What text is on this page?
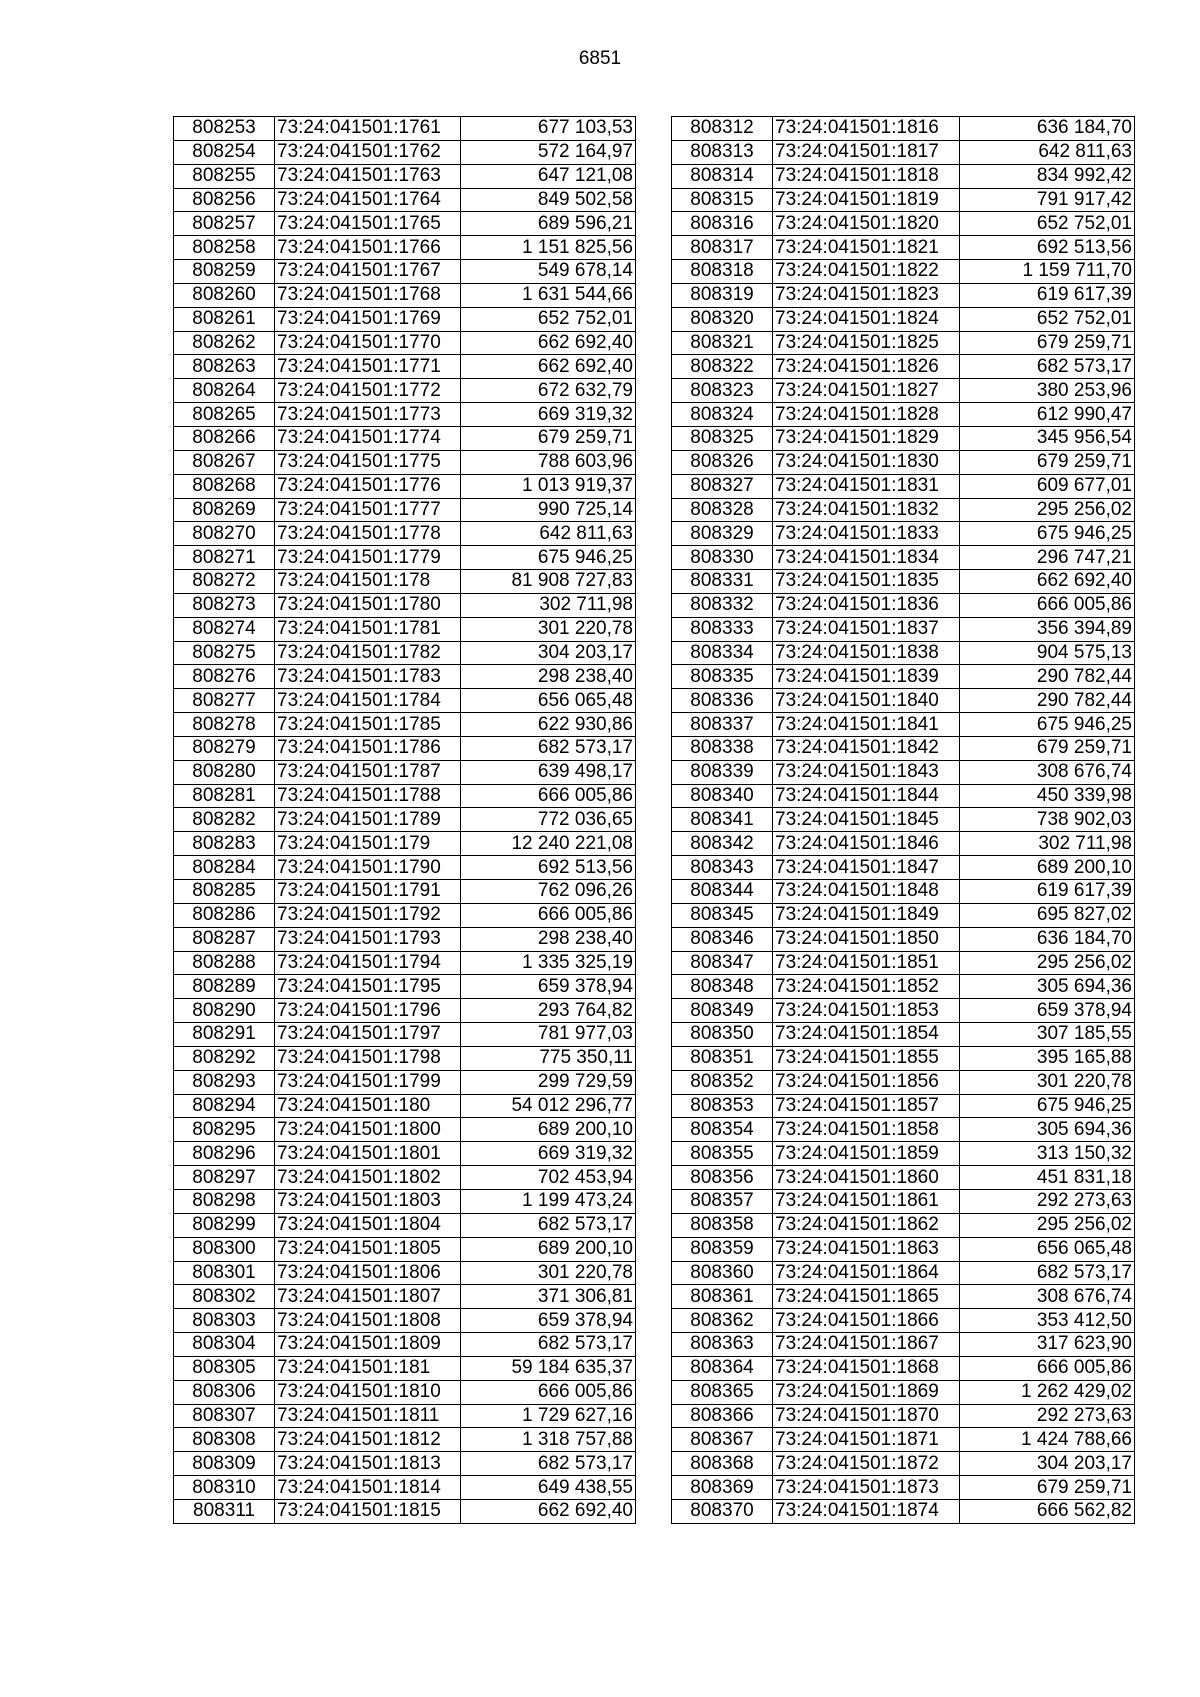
6851
808253	73:24:041501:1761	677 103,53
808254	73:24:041501:1762	572 164,97
808255	73:24:041501:1763	647 121,08
808256	73:24:041501:1764	849 502,58
808257	73:24:041501:1765	689 596,21
808258	73:24:041501:1766	1 151 825,56
808259	73:24:041501:1767	549 678,14
808260	73:24:041501:1768	1 631 544,66
808261	73:24:041501:1769	652 752,01
808262	73:24:041501:1770	662 692,40
808263	73:24:041501:1771	662 692,40
808264	73:24:041501:1772	672 632,79
808265	73:24:041501:1773	669 319,32
808266	73:24:041501:1774	679 259,71
808267	73:24:041501:1775	788 603,96
808268	73:24:041501:1776	1 013 919,37
808269	73:24:041501:1777	990 725,14
808270	73:24:041501:1778	642 811,63
808271	73:24:041501:1779	675 946,25
808272	73:24:041501:178	81 908 727,83
808273	73:24:041501:1780	302 711,98
808274	73:24:041501:1781	301 220,78
808275	73:24:041501:1782	304 203,17
808276	73:24:041501:1783	298 238,40
808277	73:24:041501:1784	656 065,48
808278	73:24:041501:1785	622 930,86
808279	73:24:041501:1786	682 573,17
808280	73:24:041501:1787	639 498,17
808281	73:24:041501:1788	666 005,86
808282	73:24:041501:1789	772 036,65
808283	73:24:041501:179	12 240 221,08
808284	73:24:041501:1790	692 513,56
808285	73:24:041501:1791	762 096,26
808286	73:24:041501:1792	666 005,86
808287	73:24:041501:1793	298 238,40
808288	73:24:041501:1794	1 335 325,19
808289	73:24:041501:1795	659 378,94
808290	73:24:041501:1796	293 764,82
808291	73:24:041501:1797	781 977,03
808292	73:24:041501:1798	775 350,11
808293	73:24:041501:1799	299 729,59
808294	73:24:041501:180	54 012 296,77
808295	73:24:041501:1800	689 200,10
808296	73:24:041501:1801	669 319,32
808297	73:24:041501:1802	702 453,94
808298	73:24:041501:1803	1 199 473,24
808299	73:24:041501:1804	682 573,17
808300	73:24:041501:1805	689 200,10
808301	73:24:041501:1806	301 220,78
808302	73:24:041501:1807	371 306,81
808303	73:24:041501:1808	659 378,94
808304	73:24:041501:1809	682 573,17
808305	73:24:041501:181	59 184 635,37
808306	73:24:041501:1810	666 005,86
808307	73:24:041501:1811	1 729 627,16
808308	73:24:041501:1812	1 318 757,88
808309	73:24:041501:1813	682 573,17
808310	73:24:041501:1814	649 438,55
808311	73:24:041501:1815	662 692,40
808312	73:24:041501:1816	636 184,70
808313	73:24:041501:1817	642 811,63
808314	73:24:041501:1818	834 992,42
808315	73:24:041501:1819	791 917,42
808316	73:24:041501:1820	652 752,01
808317	73:24:041501:1821	692 513,56
808318	73:24:041501:1822	1 159 711,70
808319	73:24:041501:1823	619 617,39
808320	73:24:041501:1824	652 752,01
808321	73:24:041501:1825	679 259,71
808322	73:24:041501:1826	682 573,17
808323	73:24:041501:1827	380 253,96
808324	73:24:041501:1828	612 990,47
808325	73:24:041501:1829	345 956,54
808326	73:24:041501:1830	679 259,71
808327	73:24:041501:1831	609 677,01
808328	73:24:041501:1832	295 256,02
808329	73:24:041501:1833	675 946,25
808330	73:24:041501:1834	296 747,21
808331	73:24:041501:1835	662 692,40
808332	73:24:041501:1836	666 005,86
808333	73:24:041501:1837	356 394,89
808334	73:24:041501:1838	904 575,13
808335	73:24:041501:1839	290 782,44
808336	73:24:041501:1840	290 782,44
808337	73:24:041501:1841	675 946,25
808338	73:24:041501:1842	679 259,71
808339	73:24:041501:1843	308 676,74
808340	73:24:041501:1844	450 339,98
808341	73:24:041501:1845	738 902,03
808342	73:24:041501:1846	302 711,98
808343	73:24:041501:1847	689 200,10
808344	73:24:041501:1848	619 617,39
808345	73:24:041501:1849	695 827,02
808346	73:24:041501:1850	636 184,70
808347	73:24:041501:1851	295 256,02
808348	73:24:041501:1852	305 694,36
808349	73:24:041501:1853	659 378,94
808350	73:24:041501:1854	307 185,55
808351	73:24:041501:1855	395 165,88
808352	73:24:041501:1856	301 220,78
808353	73:24:041501:1857	675 946,25
808354	73:24:041501:1858	305 694,36
808355	73:24:041501:1859	313 150,32
808356	73:24:041501:1860	451 831,18
808357	73:24:041501:1861	292 273,63
808358	73:24:041501:1862	295 256,02
808359	73:24:041501:1863	656 065,48
808360	73:24:041501:1864	682 573,17
808361	73:24:041501:1865	308 676,74
808362	73:24:041501:1866	353 412,50
808363	73:24:041501:1867	317 623,90
808364	73:24:041501:1868	666 005,86
808365	73:24:041501:1869	1 262 429,02
808366	73:24:041501:1870	292 273,63
808367	73:24:041501:1871	1 424 788,66
808368	73:24:041501:1872	304 203,17
808369	73:24:041501:1873	679 259,71
808370	73:24:041501:1874	666 562,82
